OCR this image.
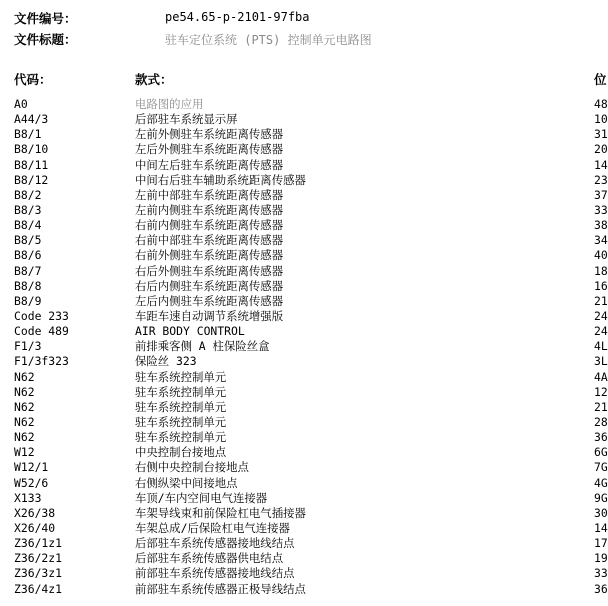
文件编号：	pe54.65-p-2101-97fba
文件标题：	驻车定位系统 (PTS) 控制单元电路图
代码：	款式：	位
A0	电路图的应用	48
A44/3	后部驻车系统显示屏	10
B8/1	左前外侧驻车系统距离传感器	31
B8/10	左后外侧驻车系统距离传感器	20
B8/11	中间左后驻车系统距离传感器	14
B8/12	中间右后驻车辅助系统距离传感器	23
B8/2	左前中部驻车系统距离传感器	37
B8/3	左前内侧驻车系统距离传感器	33
B8/4	右前内侧驻车系统距离传感器	38
B8/5	右前中部驻车系统距离传感器	34
B8/6	右前外侧驻车系统距离传感器	40
B8/7	右后外侧驻车系统距离传感器	18
B8/8	右后内侧驻车系统距离传感器	16
B8/9	左后内侧驻车系统距离传感器	21
Code 233	车距车速自动调节系统增强版	24
Code 489	AIR BODY CONTROL	24
F1/3	前排乘客侧 A 柱保险丝盒	4L
F1/3f323	保险丝 323	3L
N62	驻车系统控制单元	4A
N62	驻车系统控制单元	12
N62	驻车系统控制单元	21
N62	驻车系统控制单元	28
N62	驻车系统控制单元	36
W12	中央控制台接地点	6G
W12/1	右侧中央控制台接地点	7G
W52/6	右侧纵梁中间接地点	4G
X133	车顶/车内空间电气连接器	9G
X26/38	车架导线束和前保险杠电气插接器	30
X26/40	车架总成/后保险杠电气连接器	14
Z36/1z1	后部驻车系统传感器接地线结点	17
Z36/2z1	后部驻车系统传感器供电结点	19
Z36/3z1	前部驻车系统传感器接地线结点	33
Z36/4z1	前部驻车系统传感器正极导线结点	36
